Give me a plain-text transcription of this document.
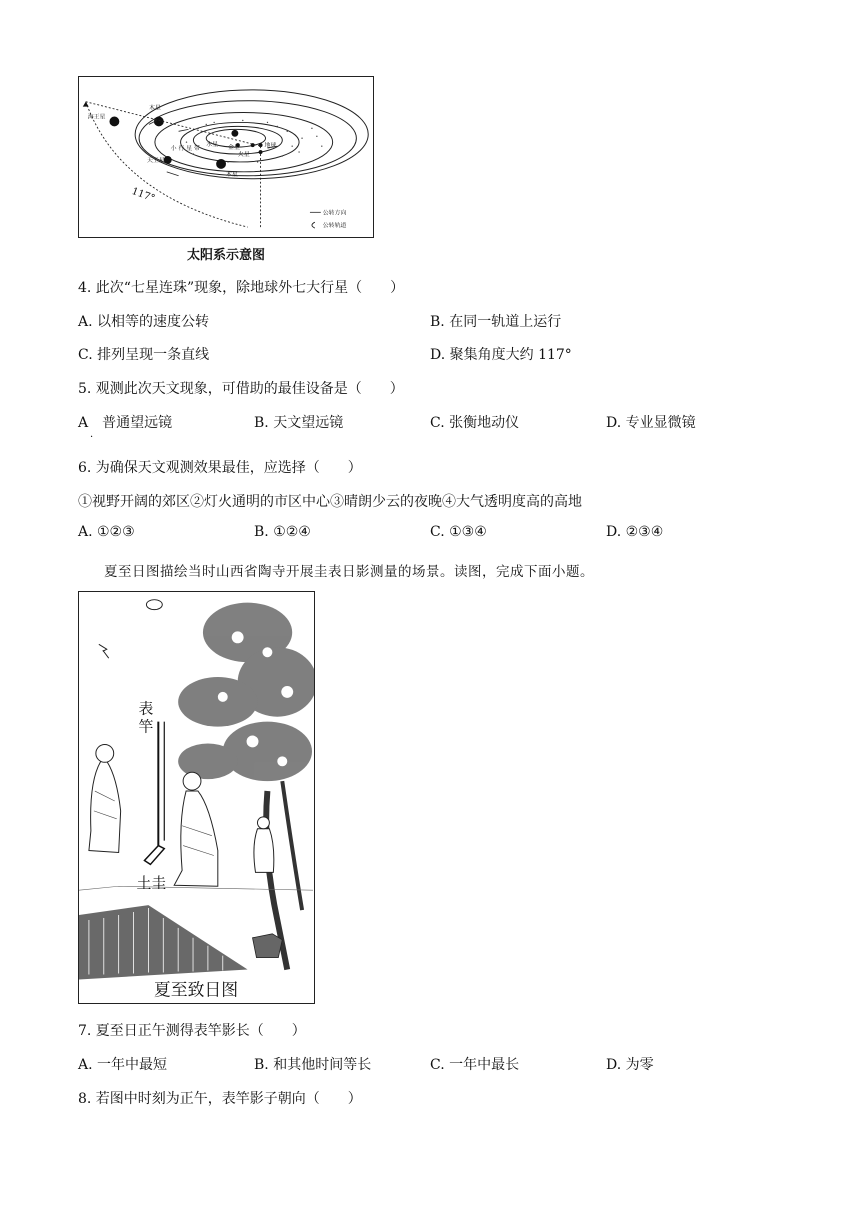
海王星
木星
天王星
木星
水星 金星	地球
火星
小 行 星 带
公转方向
公转轨道
117°
太阳系示意图
4. 此次“七星连珠”现象，除地球外七大行星（　　）
A. 以相等的速度公转	B. 在同一轨道上运行
C. 排列呈现一条直线	D. 聚集角度大约 117°
5. 观测此次天文现象，可借助的最佳设备是（　　）
A　普通望远镜
·
B. 天文望远镜	C. 张衡地动仪	D. 专业显微镜
6. 为确保天文观测效果最佳，应选择（　　）
①视野开阔的郊区②灯火通明的市区中心③晴朗少云的夜晚④大气透明度高的高地
A. ①②③	B. ①②④	C. ①③④	D. ②③④
夏至日图描绘当时山西省陶寺开展圭表日影测量的场景。读图，完成下面小题。
土圭
夏至致日图
表 竿
7. 夏至日正午测得表竿影长（　　）
A. 一年中最短	B. 和其他时间等长	C. 一年中最长	D. 为零
8. 若图中时刻为正午，表竿影子朝向（　　）
